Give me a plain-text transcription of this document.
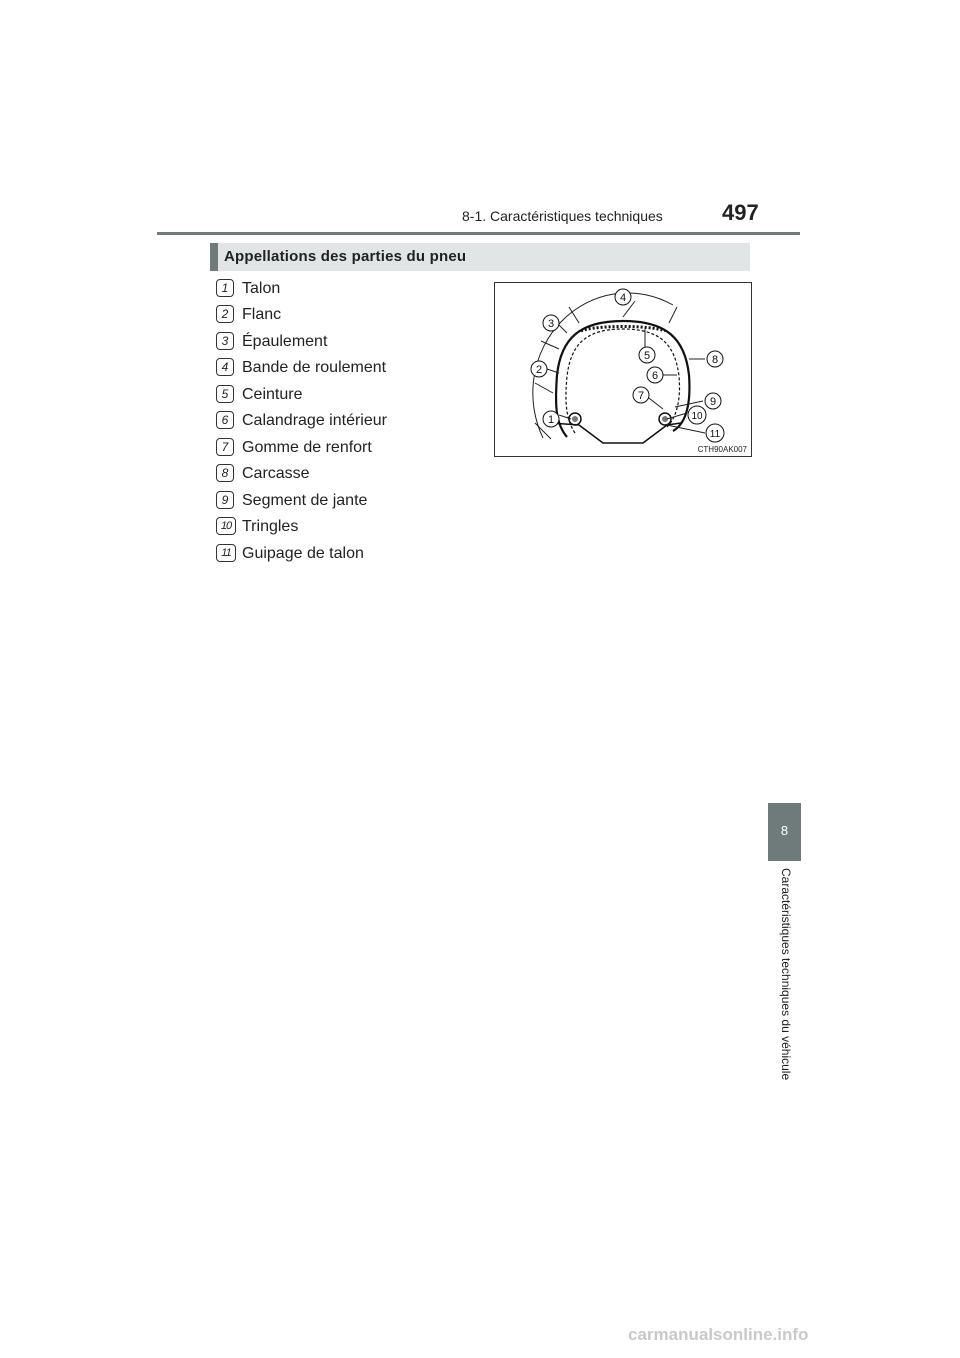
8-1. Caractéristiques techniques	497
Appellations des parties du pneu
1 Talon
2 Flanc
3 Épaulement
4 Bande de roulement
5 Ceinture
6 Calandrage intérieur
7 Gomme de renfort
8 Carcasse
9 Segment de jante
10 Tringles
11 Guipage de talon
1
2
3
4
5
6
7
8
9
10
11
CTH90AK007
8
Caractéristiques techniques du véhicule
carmanualsonline.info
